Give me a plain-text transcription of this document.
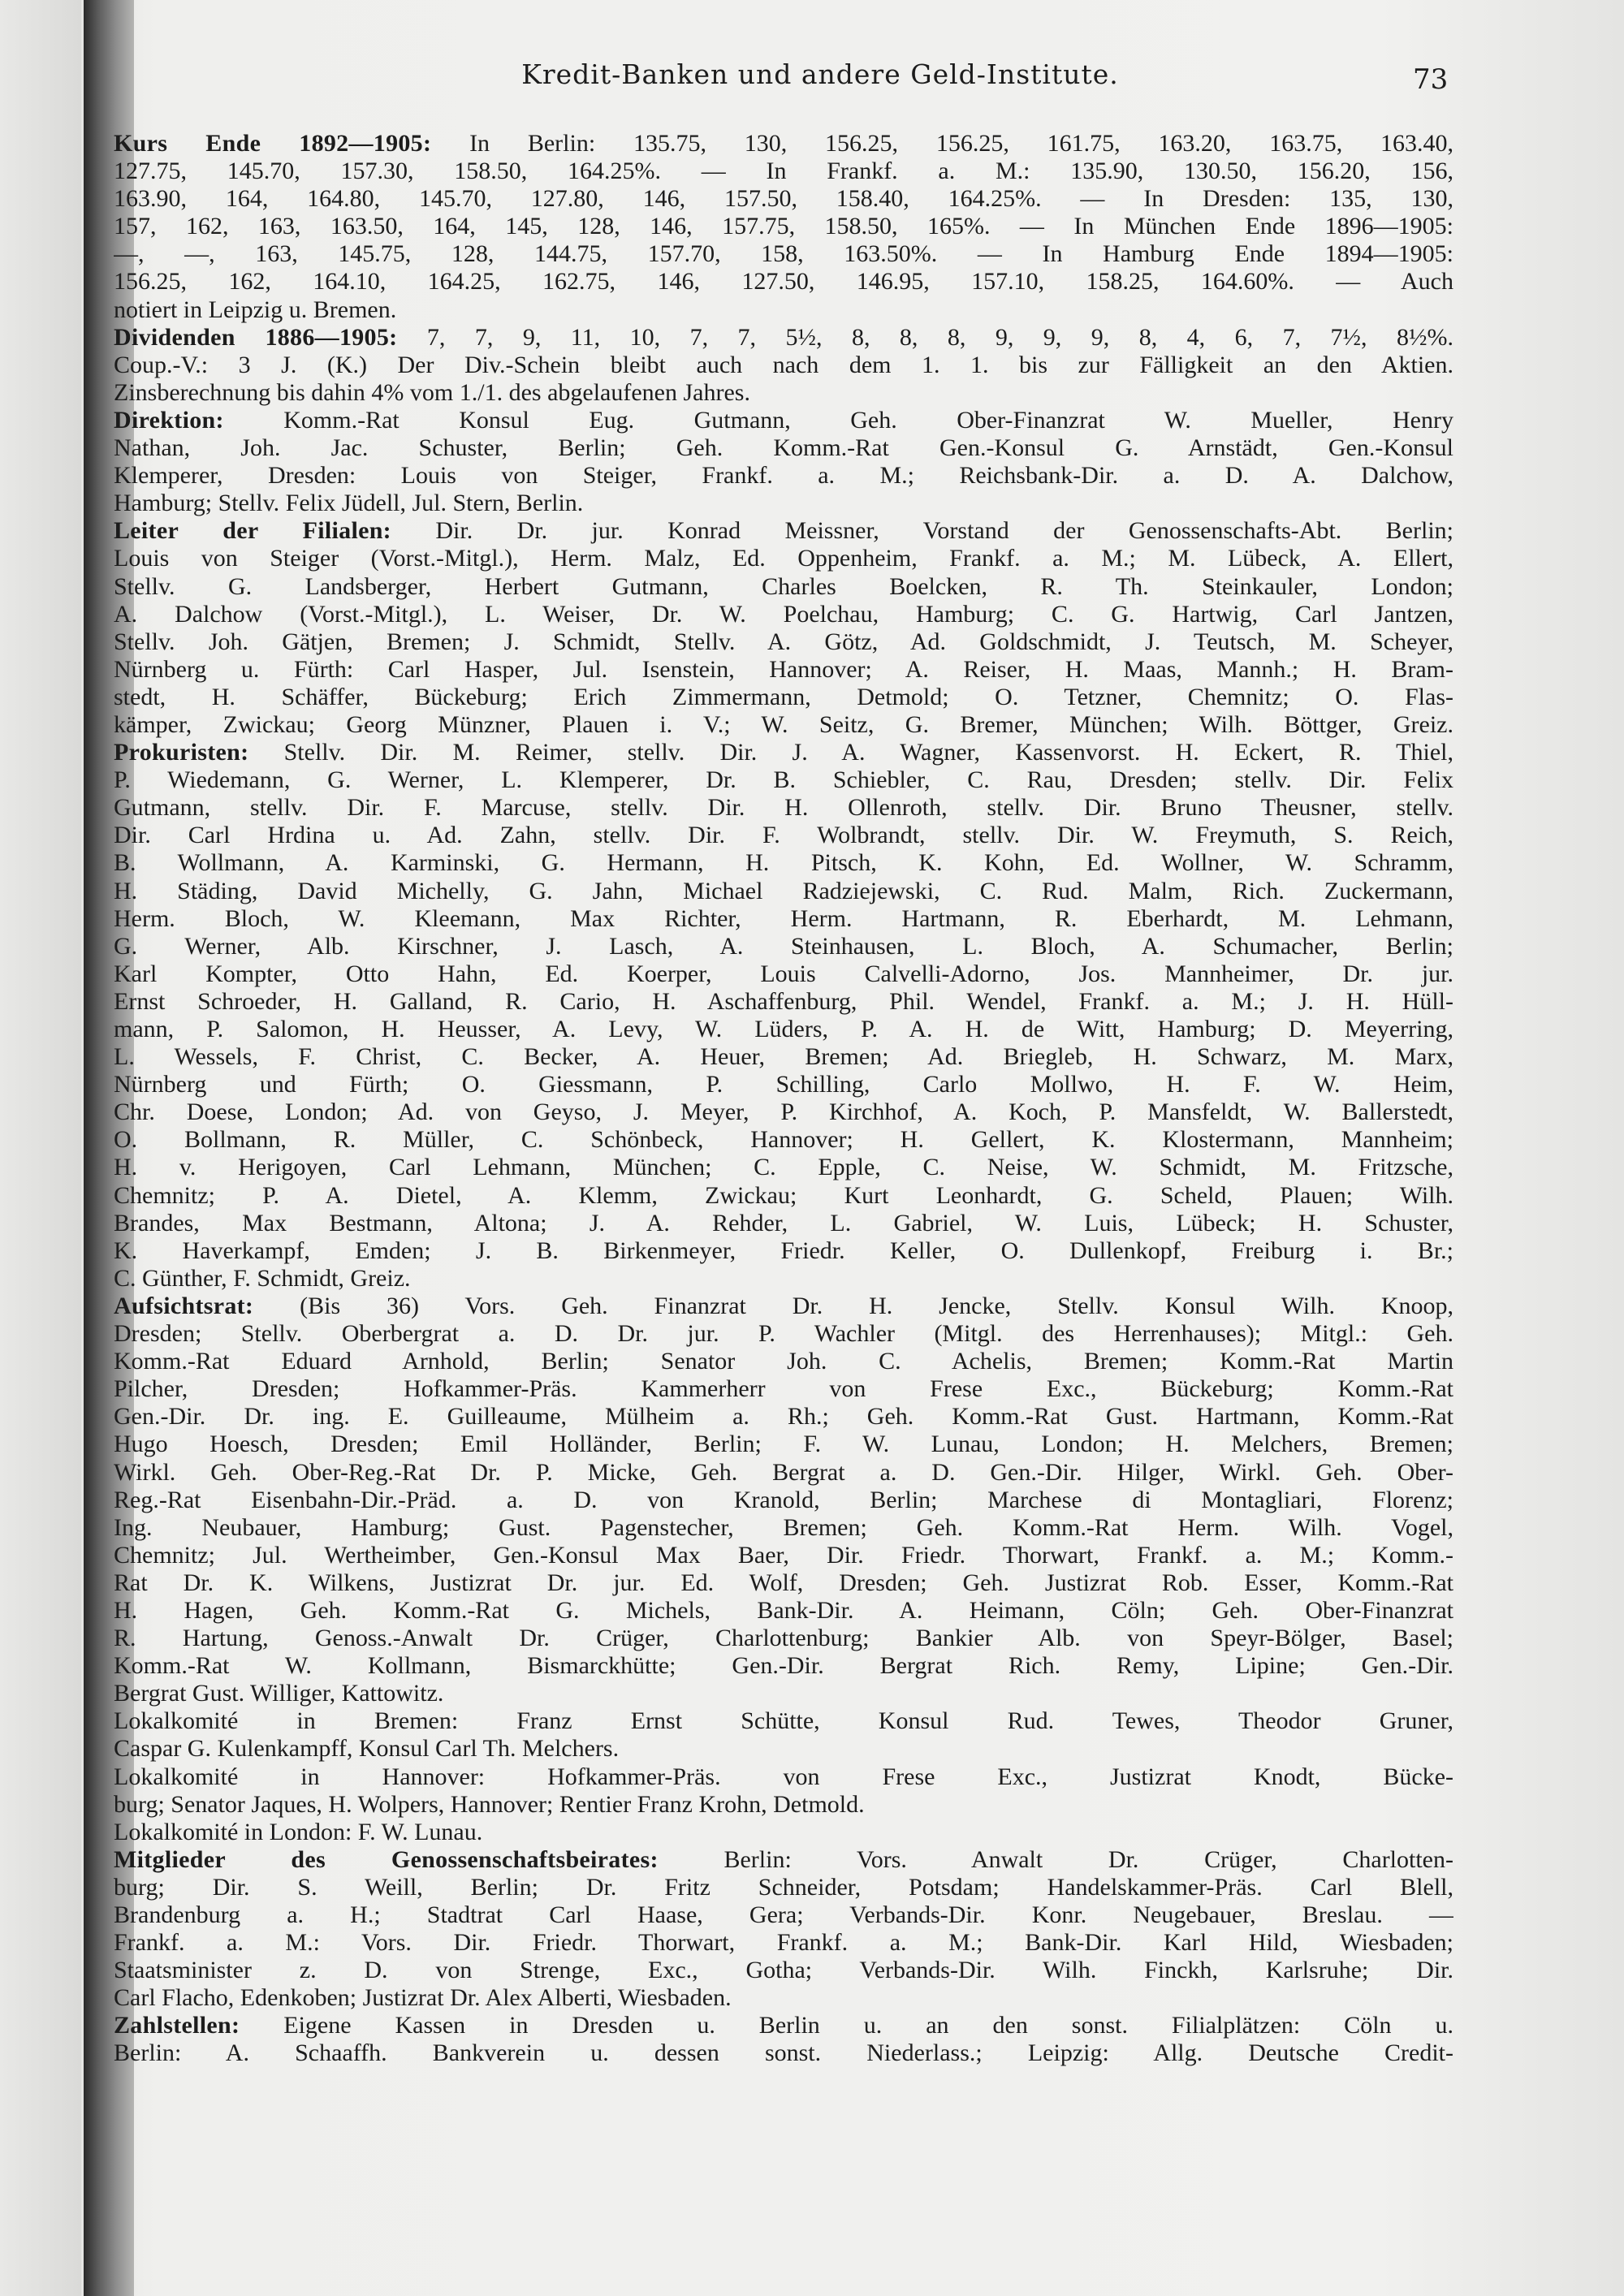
Kredit-Banken und andere Geld-Institute.	73
Kurs Ende 1892—1905: In Berlin: 135.75, 130, 156.25, 156.25, 161.75, 163.20, 163.75, 163.40,
127.75, 145.70, 157.30, 158.50, 164.25%. — In Frankf. a. M.: 135.90, 130.50, 156.20, 156,
163.90, 164, 164.80, 145.70, 127.80, 146, 157.50, 158.40, 164.25%. — In Dresden: 135, 130,
157, 162, 163, 163.50, 164, 145, 128, 146, 157.75, 158.50, 165%. — In München Ende 1896—1905:
—, —, 163, 145.75, 128, 144.75, 157.70, 158, 163.50%. — In Hamburg Ende 1894—1905:
156.25, 162, 164.10, 164.25, 162.75, 146, 127.50, 146.95, 157.10, 158.25, 164.60%. — Auch
notiert in Leipzig u. Bremen.
Dividenden 1886—1905: 7, 7, 9, 11, 10, 7, 7, 5½, 8, 8, 8, 9, 9, 9, 8, 4, 6, 7, 7½, 8½%.
Coup.-V.: 3 J. (K.) Der Div.-Schein bleibt auch nach dem 1. 1. bis zur Fälligkeit an den Aktien.
Zinsberechnung bis dahin 4% vom 1./1. des abgelaufenen Jahres.
Direktion: Komm.-Rat Konsul Eug. Gutmann, Geh. Ober-Finanzrat W. Mueller, Henry
Nathan, Joh. Jac. Schuster, Berlin; Geh. Komm.-Rat Gen.-Konsul G. Arnstädt, Gen.-Konsul
Klemperer, Dresden: Louis von Steiger, Frankf. a. M.; Reichsbank-Dir. a. D. A. Dalchow,
Hamburg; Stellv. Felix Jüdell, Jul. Stern, Berlin.
Leiter der Filialen: Dir. Dr. jur. Konrad Meissner, Vorstand der Genossenschafts-Abt. Berlin;
Louis von Steiger (Vorst.-Mitgl.), Herm. Malz, Ed. Oppenheim, Frankf. a. M.; M. Lübeck, A. Ellert,
Stellv. G. Landsberger, Herbert Gutmann, Charles Boelcken, R. Th. Steinkauler, London;
A. Dalchow (Vorst.-Mitgl.), L. Weiser, Dr. W. Poelchau, Hamburg; C. G. Hartwig, Carl Jantzen,
Stellv. Joh. Gätjen, Bremen; J. Schmidt, Stellv. A. Götz, Ad. Goldschmidt, J. Teutsch, M. Scheyer,
Nürnberg u. Fürth: Carl Hasper, Jul. Isenstein, Hannover; A. Reiser, H. Maas, Mannh.; H. Bram-
stedt, H. Schäffer, Bückeburg; Erich Zimmermann, Detmold; O. Tetzner, Chemnitz; O. Flas-
kämper, Zwickau; Georg Münzner, Plauen i. V.; W. Seitz, G. Bremer, München; Wilh. Böttger, Greiz.
Prokuristen: Stellv. Dir. M. Reimer, stellv. Dir. J. A. Wagner, Kassenvorst. H. Eckert, R. Thiel,
P. Wiedemann, G. Werner, L. Klemperer, Dr. B. Schiebler, C. Rau, Dresden; stellv. Dir. Felix
Gutmann, stellv. Dir. F. Marcuse, stellv. Dir. H. Ollenroth, stellv. Dir. Bruno Theusner, stellv.
Dir. Carl Hrdina u. Ad. Zahn, stellv. Dir. F. Wolbrandt, stellv. Dir. W. Freymuth, S. Reich,
B. Wollmann, A. Karminski, G. Hermann, H. Pitsch, K. Kohn, Ed. Wollner, W. Schramm,
H. Städing, David Michelly, G. Jahn, Michael Radziejewski, C. Rud. Malm, Rich. Zuckermann,
Herm. Bloch, W. Kleemann, Max Richter, Herm. Hartmann, R. Eberhardt, M. Lehmann,
G. Werner, Alb. Kirschner, J. Lasch, A. Steinhausen, L. Bloch, A. Schumacher, Berlin;
Karl Kompter, Otto Hahn, Ed. Koerper, Louis Calvelli-Adorno, Jos. Mannheimer, Dr. jur.
Ernst Schroeder, H. Galland, R. Cario, H. Aschaffenburg, Phil. Wendel, Frankf. a. M.; J. H. Hüll-
mann, P. Salomon, H. Heusser, A. Levy, W. Lüders, P. A. H. de Witt, Hamburg; D. Meyerring,
L. Wessels, F. Christ, C. Becker, A. Heuer, Bremen; Ad. Briegleb, H. Schwarz, M. Marx,
Nürnberg und Fürth; O. Giessmann, P. Schilling, Carlo Mollwo, H. F. W. Heim,
Chr. Doese, London; Ad. von Geyso, J. Meyer, P. Kirchhof, A. Koch, P. Mansfeldt, W. Ballerstedt,
O. Bollmann, R. Müller, C. Schönbeck, Hannover; H. Gellert, K. Klostermann, Mannheim;
H. v. Herigoyen, Carl Lehmann, München; C. Epple, C. Neise, W. Schmidt, M. Fritzsche,
Chemnitz; P. A. Dietel, A. Klemm, Zwickau; Kurt Leonhardt, G. Scheld, Plauen; Wilh.
Brandes, Max Bestmann, Altona; J. A. Rehder, L. Gabriel, W. Luis, Lübeck; H. Schuster,
K. Haverkampf, Emden; J. B. Birkenmeyer, Friedr. Keller, O. Dullenkopf, Freiburg i. Br.;
C. Günther, F. Schmidt, Greiz.
Aufsichtsrat: (Bis 36) Vors. Geh. Finanzrat Dr. H. Jencke, Stellv. Konsul Wilh. Knoop,
Dresden; Stellv. Oberbergrat a. D. Dr. jur. P. Wachler (Mitgl. des Herrenhauses); Mitgl.: Geh.
Komm.-Rat Eduard Arnhold, Berlin; Senator Joh. C. Achelis, Bremen; Komm.-Rat Martin
Pilcher, Dresden; Hofkammer-Präs. Kammerherr von Frese Exc., Bückeburg; Komm.-Rat
Gen.-Dir. Dr. ing. E. Guilleaume, Mülheim a. Rh.; Geh. Komm.-Rat Gust. Hartmann, Komm.-Rat
Hugo Hoesch, Dresden; Emil Holländer, Berlin; F. W. Lunau, London; H. Melchers, Bremen;
Wirkl. Geh. Ober-Reg.-Rat Dr. P. Micke, Geh. Bergrat a. D. Gen.-Dir. Hilger, Wirkl. Geh. Ober-
Reg.-Rat Eisenbahn-Dir.-Präd. a. D. von Kranold, Berlin; Marchese di Montagliari, Florenz;
Ing. Neubauer, Hamburg; Gust. Pagenstecher, Bremen; Geh. Komm.-Rat Herm. Wilh. Vogel,
Chemnitz; Jul. Wertheimber, Gen.-Konsul Max Baer, Dir. Friedr. Thorwart, Frankf. a. M.; Komm.-
Rat Dr. K. Wilkens, Justizrat Dr. jur. Ed. Wolf, Dresden; Geh. Justizrat Rob. Esser, Komm.-Rat
H. Hagen, Geh. Komm.-Rat G. Michels, Bank-Dir. A. Heimann, Cöln; Geh. Ober-Finanzrat
R. Hartung, Genoss.-Anwalt Dr. Crüger, Charlottenburg; Bankier Alb. von Speyr-Bölger, Basel;
Komm.-Rat W. Kollmann, Bismarckhütte; Gen.-Dir. Bergrat Rich. Remy, Lipine; Gen.-Dir.
Bergrat Gust. Williger, Kattowitz.
Lokalkomité in Bremen: Franz Ernst Schütte, Konsul Rud. Tewes, Theodor Gruner,
Caspar G. Kulenkampff, Konsul Carl Th. Melchers.
Lokalkomité in Hannover: Hofkammer-Präs. von Frese Exc., Justizrat Knodt, Bücke-
burg; Senator Jaques, H. Wolpers, Hannover; Rentier Franz Krohn, Detmold.
Lokalkomité in London: F. W. Lunau.
Mitglieder des Genossenschaftsbeirates: Berlin: Vors. Anwalt Dr. Crüger, Charlotten-
burg; Dir. S. Weill, Berlin; Dr. Fritz Schneider, Potsdam; Handelskammer-Präs. Carl Blell,
Brandenburg a. H.; Stadtrat Carl Haase, Gera; Verbands-Dir. Konr. Neugebauer, Breslau. —
Frankf. a. M.: Vors. Dir. Friedr. Thorwart, Frankf. a. M.; Bank-Dir. Karl Hild, Wiesbaden;
Staatsminister z. D. von Strenge, Exc., Gotha; Verbands-Dir. Wilh. Finckh, Karlsruhe; Dir.
Carl Flacho, Edenkoben; Justizrat Dr. Alex Alberti, Wiesbaden.
Zahlstellen: Eigene Kassen in Dresden u. Berlin u. an den sonst. Filialplätzen: Cöln u.
Berlin: A. Schaaffh. Bankverein u. dessen sonst. Niederlass.; Leipzig: Allg. Deutsche Credit-
